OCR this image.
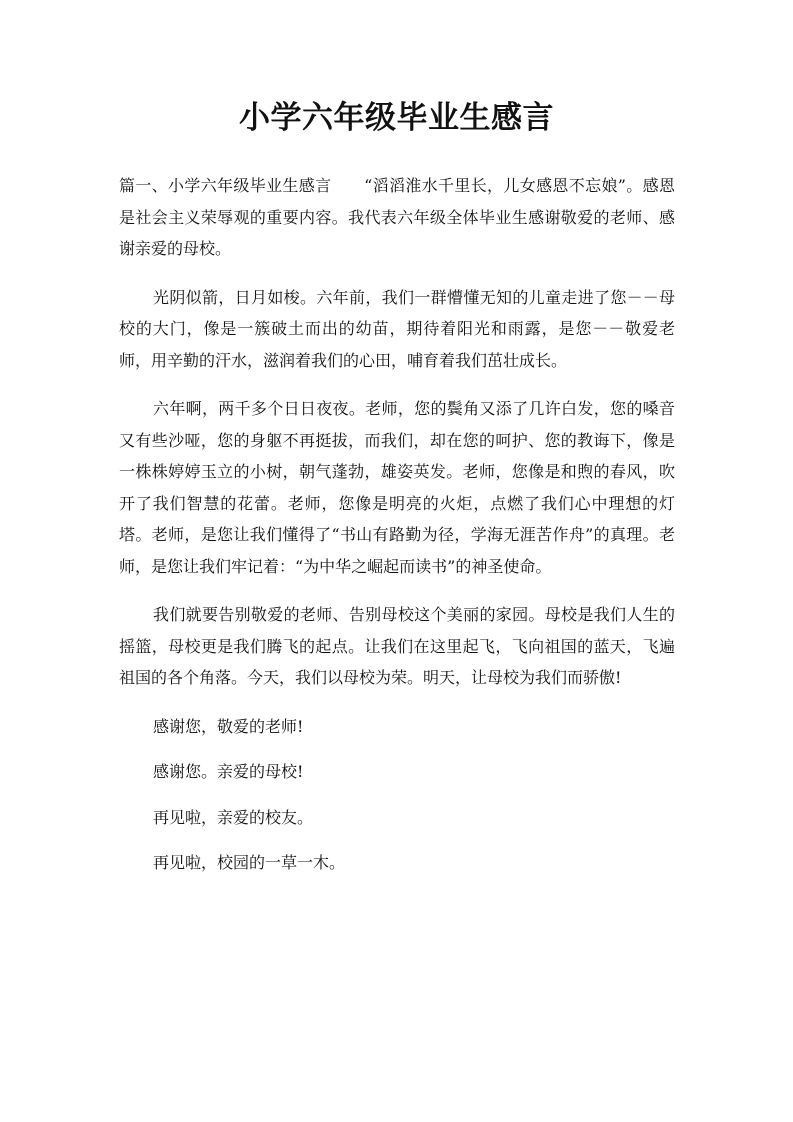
小学六年级毕业生感言

篇一、小学六年级毕业生感言　　“滔滔淮水千里长，儿女感恩不忘娘”。感恩是社会主义荣辱观的重要内容。我代表六年级全体毕业生感谢敬爱的老师、感谢亲爱的母校。

光阴似箭，日月如梭。六年前，我们一群懵懂无知的儿童走进了您－－母校的大门，像是一簇破土而出的幼苗，期待着阳光和雨露，是您－－敬爱老师，用辛勤的汗水，滋润着我们的心田，哺育着我们茁壮成长。

六年啊，两千多个日日夜夜。老师，您的鬓角又添了几许白发，您的嗓音又有些沙哑，您的身躯不再挺拔，而我们，却在您的呵护、您的教诲下，像是一株株婷婷玉立的小树，朝气蓬勃，雄姿英发。老师，您像是和煦的春风，吹开了我们智慧的花蕾。老师，您像是明亮的火炬，点燃了我们心中理想的灯塔。老师，是您让我们懂得了“书山有路勤为径，学海无涯苦作舟”的真理。老师，是您让我们牢记着：“为中华之崛起而读书”的神圣使命。

我们就要告别敬爱的老师、告别母校这个美丽的家园。母校是我们人生的摇篮，母校更是我们腾飞的起点。让我们在这里起飞，飞向祖国的蓝天，飞遍祖国的各个角落。今天，我们以母校为荣。明天，让母校为我们而骄傲!

感谢您，敬爱的老师!

感谢您。亲爱的母校!

再见啦，亲爱的校友。

再见啦，校园的一草一木。
